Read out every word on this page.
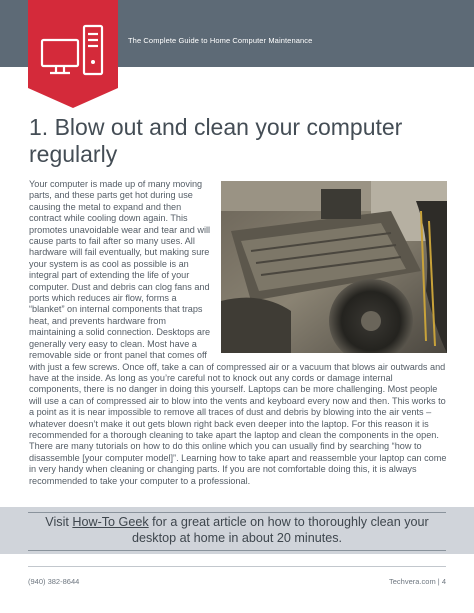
The Complete Guide to Home Computer Maintenance
1. Blow out and clean your computer regularly

Your computer is made up of many moving parts, and these parts get hot during use causing the metal to expand and then contract while cooling down again. This promotes unavoidable wear and tear and will cause parts to fail after so many uses. All hardware will fail eventually, but making sure your system is as cool as possible is an integral part of extending the life of your computer. Dust and debris can clog fans and ports which reduces air flow, forms a “blanket” on internal components that traps heat, and prevents hardware from maintaining a solid connection. Desktops are generally very easy to clean. Most have a removable side or front panel that comes off with just a few screws. Once off, take a can of compressed air or a vacuum that blows air outwards and have at the inside. As long as you’re careful not to knock out any cords or damage internal components, there is no danger in doing this yourself. Laptops can be more challenging. Most people will use a can of compressed air to blow into the vents and keyboard every now and then. This works to a point as it is near impossible to remove all traces of dust and debris by blowing into the air vents – whatever doesn’t make it out gets blown right back even deeper into the laptop. For this reason it is recommended for a thorough cleaning to take apart the laptop and clean the components in the open. There are many tutorials on how to do this online which you can usually find by searching “how to disassemble [your computer model]”. Learning how to take apart and reassemble your laptop can come in very handy when cleaning or changing parts. If you are not comfortable doing this, it is always recommended to take your computer to a professional.

Visit How-To Geek for a great article on how to thoroughly clean your desktop at home in about 20 minutes.
(940) 382-8644	Techvera.com | 4
